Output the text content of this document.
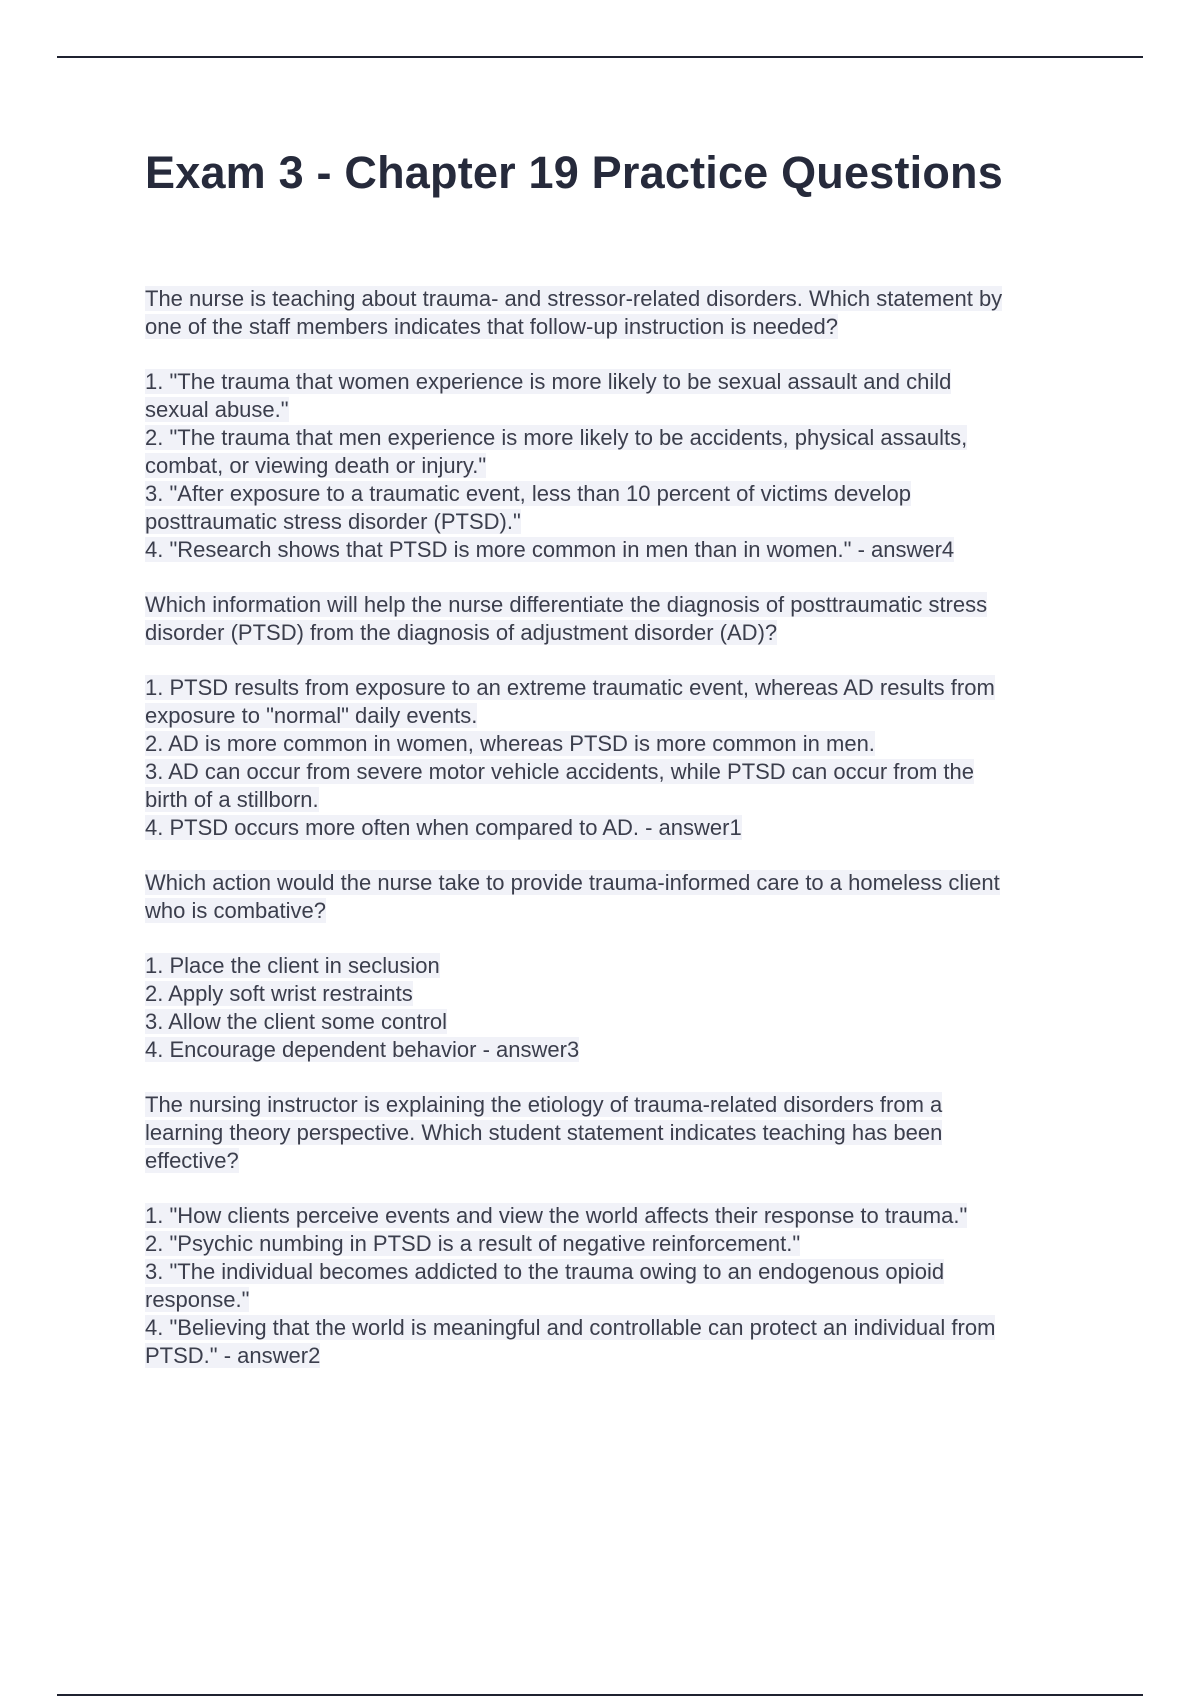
Exam 3 - Chapter 19 Practice Questions
The nurse is teaching about trauma- and stressor-related disorders. Which statement by
one of the staff members indicates that follow-up instruction is needed?
1. "The trauma that women experience is more likely to be sexual assault and child
sexual abuse."
2. "The trauma that men experience is more likely to be accidents, physical assaults,
combat, or viewing death or injury."
3. "After exposure to a traumatic event, less than 10 percent of victims develop
posttraumatic stress disorder (PTSD)."
4. "Research shows that PTSD is more common in men than in women." - answer4
Which information will help the nurse differentiate the diagnosis of posttraumatic stress
disorder (PTSD) from the diagnosis of adjustment disorder (AD)?
1. PTSD results from exposure to an extreme traumatic event, whereas AD results from
exposure to "normal" daily events.
2. AD is more common in women, whereas PTSD is more common in men.
3. AD can occur from severe motor vehicle accidents, while PTSD can occur from the
birth of a stillborn.
4. PTSD occurs more often when compared to AD. - answer1
Which action would the nurse take to provide trauma-informed care to a homeless client
who is combative?
1. Place the client in seclusion
2. Apply soft wrist restraints
3. Allow the client some control
4. Encourage dependent behavior - answer3
The nursing instructor is explaining the etiology of trauma-related disorders from a
learning theory perspective. Which student statement indicates teaching has been
effective?
1. "How clients perceive events and view the world affects their response to trauma."
2. "Psychic numbing in PTSD is a result of negative reinforcement."
3. "The individual becomes addicted to the trauma owing to an endogenous opioid
response."
4. "Believing that the world is meaningful and controllable can protect an individual from
PTSD." - answer2
